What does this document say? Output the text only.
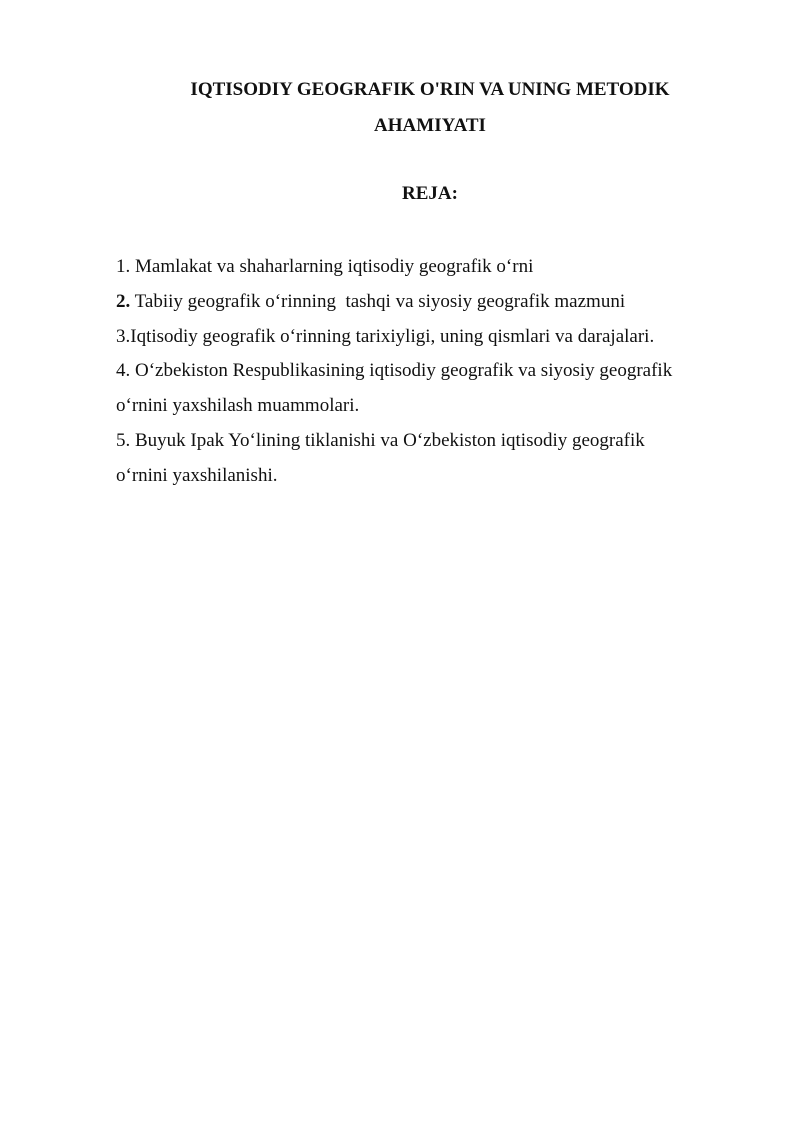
IQTISODIY GEOGRAFIK O'RIN VA UNING METODIK
AHAMIYATI
REJA:
1. Mamlakat va shaharlarning iqtisodiy geografik o‘rni
2. Tabiiy geografik o‘rinning  tashqi va siyosiy geografik mazmuni
3.Iqtisodiy geografik o‘rinning tarixiyligi, uning qismlari va darajalari.
4. O‘zbekiston Respublikasining iqtisodiy geografik va siyosiy geografik
o‘rnini yaxshilash muammolari.
5. Buyuk Ipak Yo‘lining tiklanishi va O‘zbekiston iqtisodiy geografik
o‘rnini yaxshilanishi.
